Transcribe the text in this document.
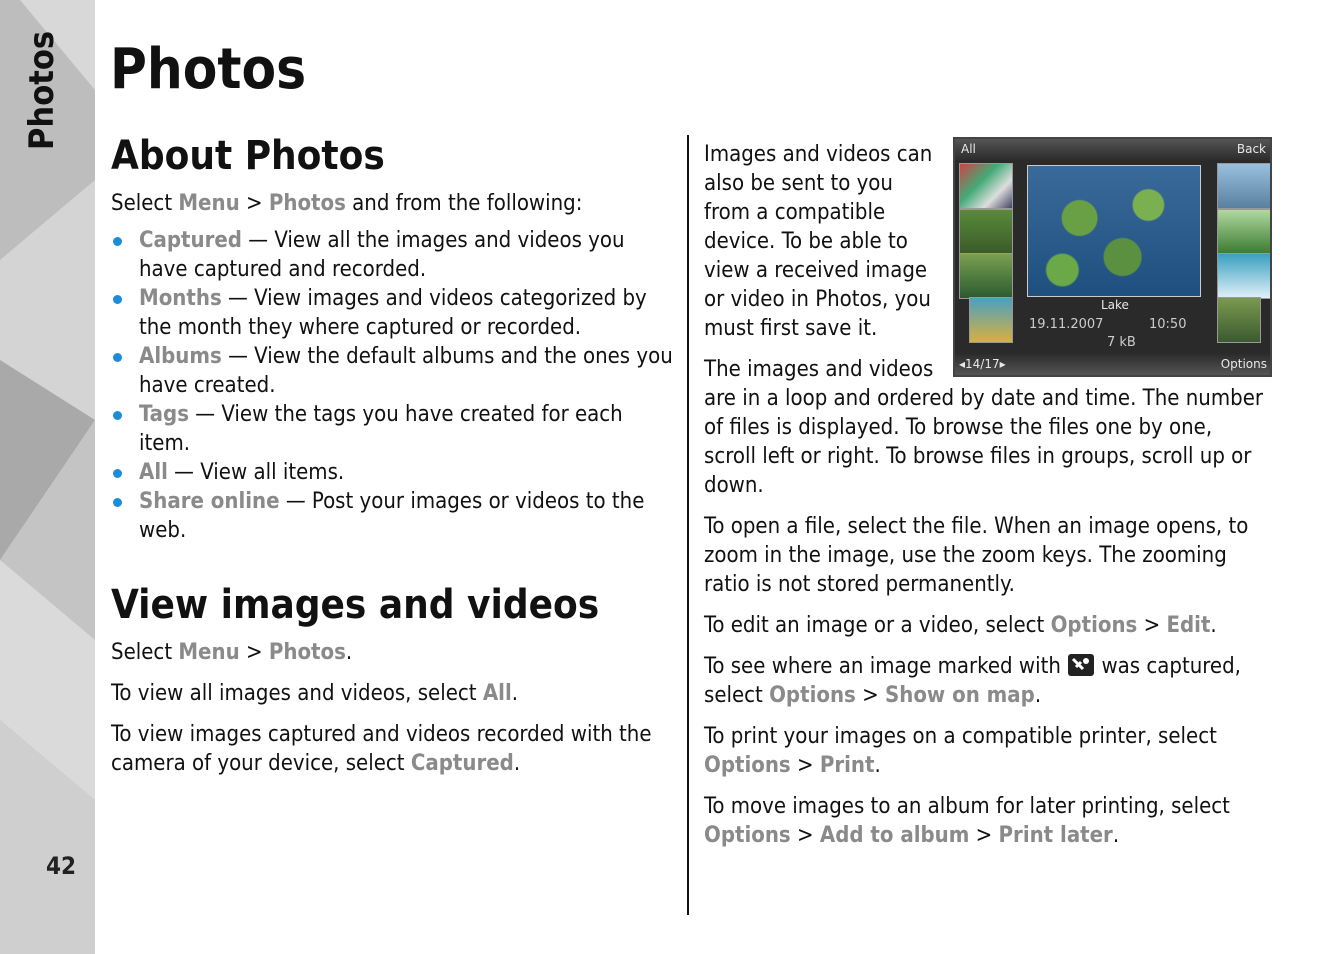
Photos
42
Photos
About Photos

Select Menu > Photos and from the following:

Captured — View all the images and videos you have captured and recorded.
Months — View images and videos categorized by the month they where captured or recorded.
Albums — View the default albums and the ones you have created.
Tags — View the tags you have created for each item.
All — View all items.
Share online — Post your images or videos to the web.
View images and videos

Select Menu > Photos.

To view all images and videos, select All.

To view images captured and videos recorded with the camera of your device, select Captured.

All	Back
Lake
19.11.2007	10:50
7 kB
◂14/17▸	Options

Images and videos can also be sent to you from a compatible device. To be able to view a received image or video in Photos, you must first save it.

The images and videos are in a loop and ordered by date and time. The number of files is displayed. To browse the files one by one, scroll left or right. To browse files in groups, scroll up or down.

To open a file, select the file. When an image opens, to zoom in the image, use the zoom keys. The zooming ratio is not stored permanently.

To edit an image or a video, select Options > Edit.

To see where an image marked with  was captured, select Options > Show on map.

To print your images on a compatible printer, select Options > Print.

To move images to an album for later printing, select Options > Add to album > Print later.
